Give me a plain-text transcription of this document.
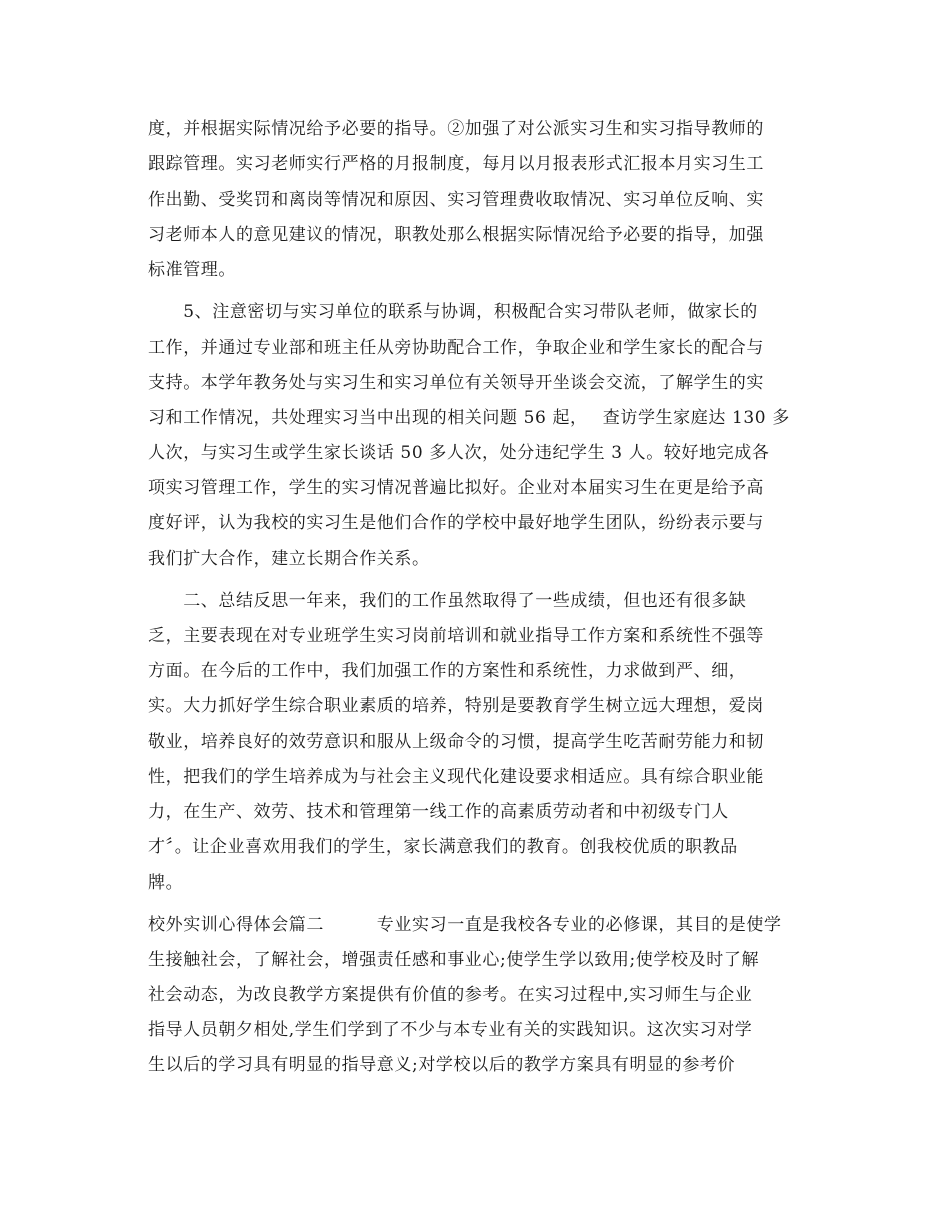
度，并根据实际情况给予必要的指导。②加强了对公派实习生和实习指导教师的
跟踪管理。实习老师实行严格的月报制度，每月以月报表形式汇报本月实习生工
作出勤、受奖罚和离岗等情况和原因、实习管理费收取情况、实习单位反响、实
习老师本人的意见建议的情况，职教处那么根据实际情况给予必要的指导，加强
标准管理。
　　5、注意密切与实习单位的联系与协调，积极配合实习带队老师，做家长的
工作，并通过专业部和班主任从旁协助配合工作，争取企业和学生家长的配合与
支持。本学年教务处与实习生和实习单位有关领导开坐谈会交流，了解学生的实
习和工作情况，共处理实习当中出现的相关问题 56 起，　 查访学生家庭达 130 多
人次，与实习生或学生家长谈话 50 多人次，处分违纪学生 3 人。较好地完成各
项实习管理工作，学生的实习情况普遍比拟好。企业对本届实习生在更是给予高
度好评，认为我校的实习生是他们合作的学校中最好地学生团队，纷纷表示要与
我们扩大合作，建立长期合作关系。
　　二、总结反思一年来，我们的工作虽然取得了一些成绩，但也还有很多缺
乏，主要表现在对专业班学生实习岗前培训和就业指导工作方案和系统性不强等
方面。在今后的工作中，我们加强工作的方案性和系统性，力求做到严、细，
实。大力抓好学生综合职业素质的培养，特别是要教育学生树立远大理想，爱岗
敬业，培养良好的效劳意识和服从上级命令的习惯，提高学生吃苦耐劳能力和韧
性，把我们的学生培养成为与社会主义现代化建设要求相适应。具有综合职业能
力，在生产、效劳、技术和管理第一线工作的高素质劳动者和中初级专门人
才〞。让企业喜欢用我们的学生，家长满意我们的教育。创我校优质的职教品
牌。
校外实训心得体会篇二　　　专业实习一直是我校各专业的必修课，其目的是使学
生接触社会，了解社会，增强责任感和事业心;使学生学以致用;使学校及时了解
社会动态，为改良教学方案提供有价值的参考。在实习过程中,实习师生与企业
指导人员朝夕相处,学生们学到了不少与本专业有关的实践知识。这次实习对学
生以后的学习具有明显的指导意义;对学校以后的教学方案具有明显的参考价
